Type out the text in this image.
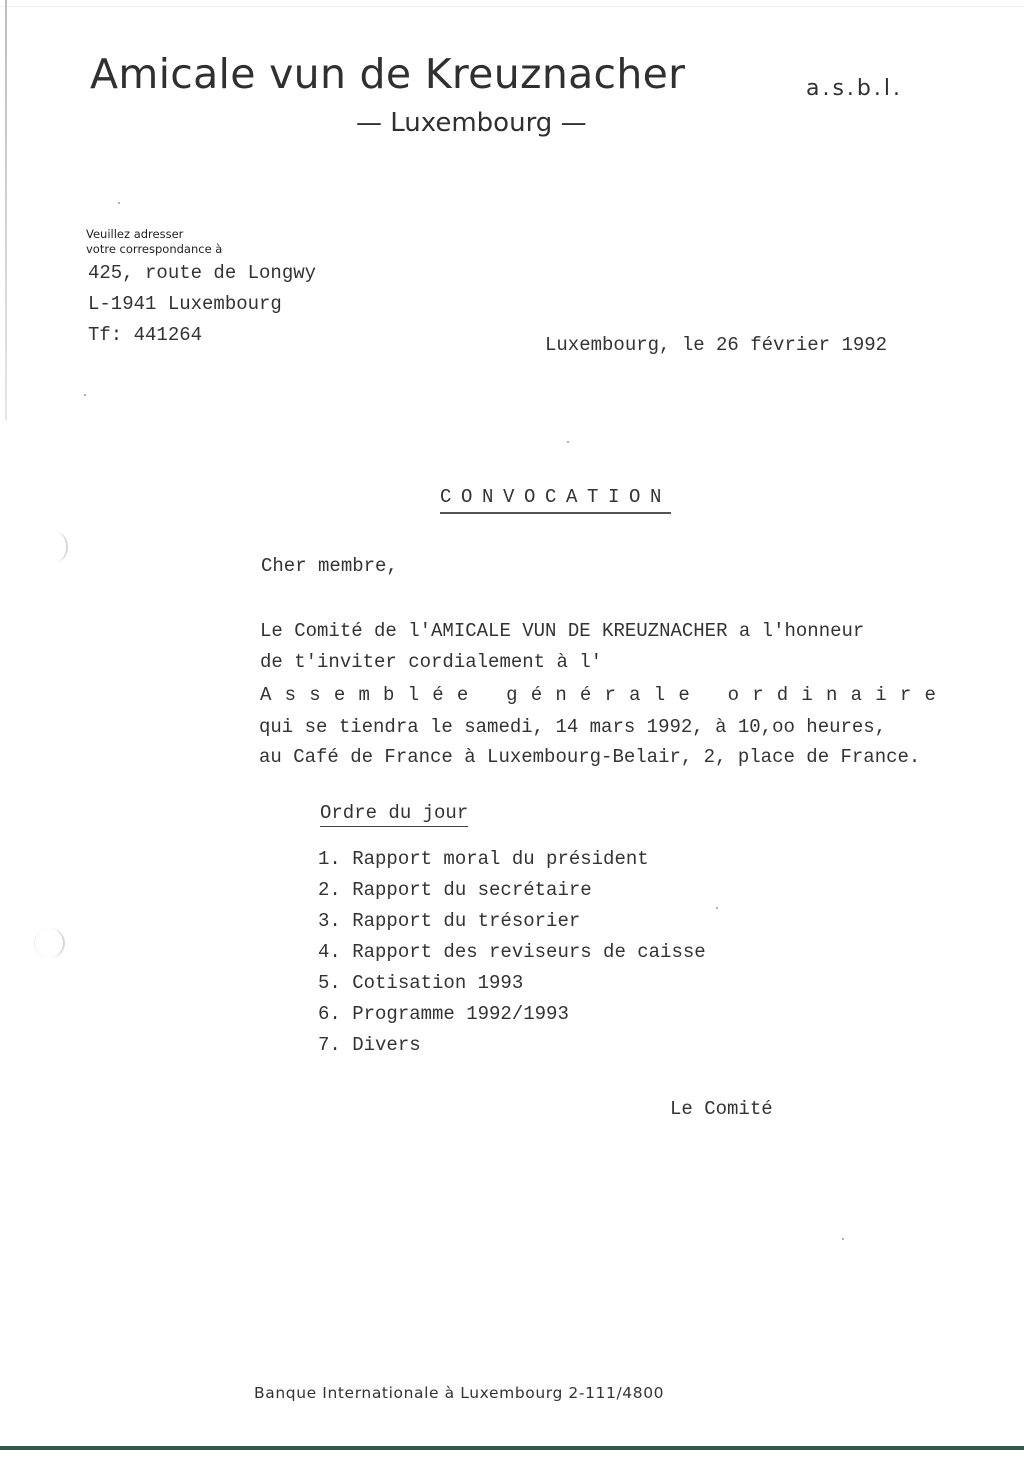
Amicale vun de Kreuznacher	a.s.b.l.
— Luxembourg —
Veuillez adresser
votre correspondance à
425, route de Longwy
L-1941 Luxembourg
Tf: 441264	Luxembourg, le 26 février 1992
CONVOCATION
Cher membre,
Le Comité de l'AMICALE VUN DE KREUZNACHER a l'honneur
de t'inviter cordialement à l'
A s s e m b l é e
g é n é r a l e
o r d i n a i r e
qui se tiendra le samedi, 14 mars 1992, à 10,oo heures,
au Café de France à Luxembourg-Belair, 2, place de France.
Ordre du jour
1. Rapport moral du président
2. Rapport du secrétaire
3. Rapport du trésorier
4. Rapport des reviseurs de caisse
5. Cotisation 1993
6. Programme 1992/1993
7. Divers
Le Comité
Banque Internationale à Luxembourg 2-111/4800
